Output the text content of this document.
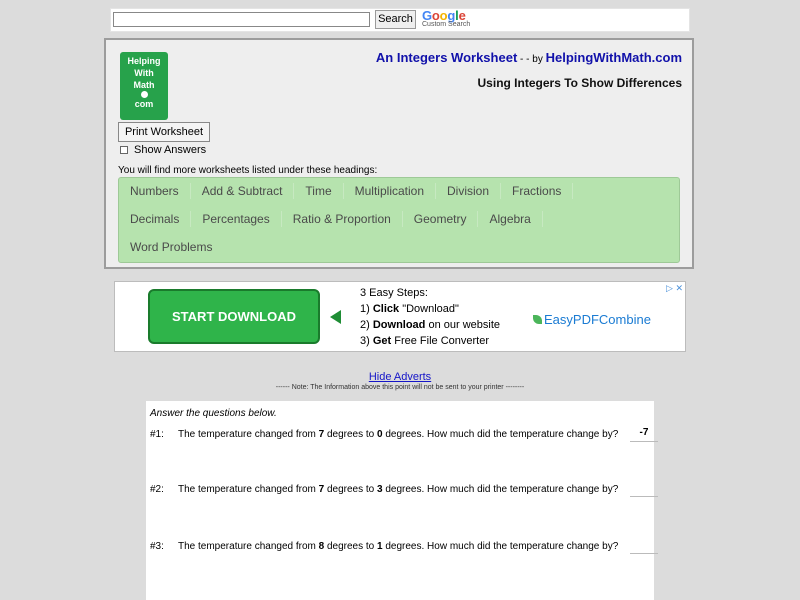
Search Google
Custom Search
Helping
With
Math
com
Print Worksheet
Show Answers
An Integers Worksheet - - by HelpingWithMath.com
Using Integers To Show Differences
You will find more worksheets listed under these headings:
Numbers	Add & Subtract	Time	Multiplication	Division	Fractions
Decimals	Percentages	Ratio & Proportion	Geometry	Algebra
Word Problems
START DOWNLOAD
3 Easy Steps:
1) Click "Download"
2) Download on our website
3) Get Free File Converter
EasyPDFCombine
▷ ✕
Hide Adverts
------ Note: The Information above this point will not be sent to your printer --------
Answer the questions below.
#1: The temperature changed from 7 degrees to 0 degrees. How much did the temperature change by?	-7
#2: The temperature changed from 7 degrees to 3 degrees. How much did the temperature change by?
#3: The temperature changed from 8 degrees to 1 degrees. How much did the temperature change by?
